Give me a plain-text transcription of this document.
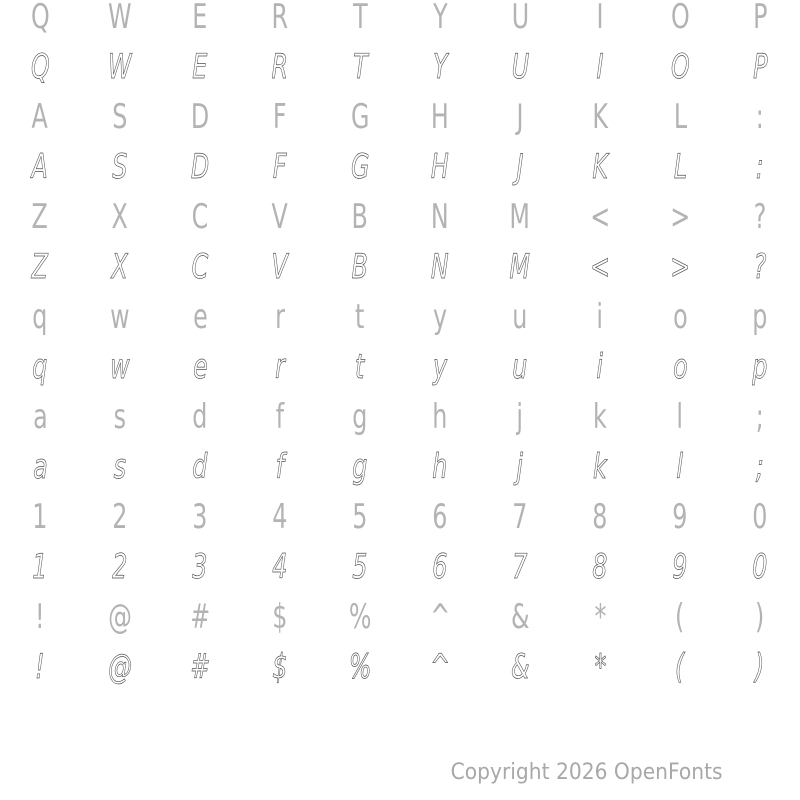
Q W E R T Y U I O P
Q W E R T Y U I O P
A S D F G H J K L :
A S D F G H J K L :
Z X C V B N M < > ?
Z X C V B N M < > ?
q w e r t y u i o p
q w e r t y u i o p
a s d f g h j k l ;
a s d f g h j k l ;
1 2 3 4 5 6 7 8 9 0
1 2 3 4 5 6 7 8 9 0
! @ # $ % ^ & * ( )
! @ # $ % ^ & * ( )
Copyright 2026 OpenFonts
